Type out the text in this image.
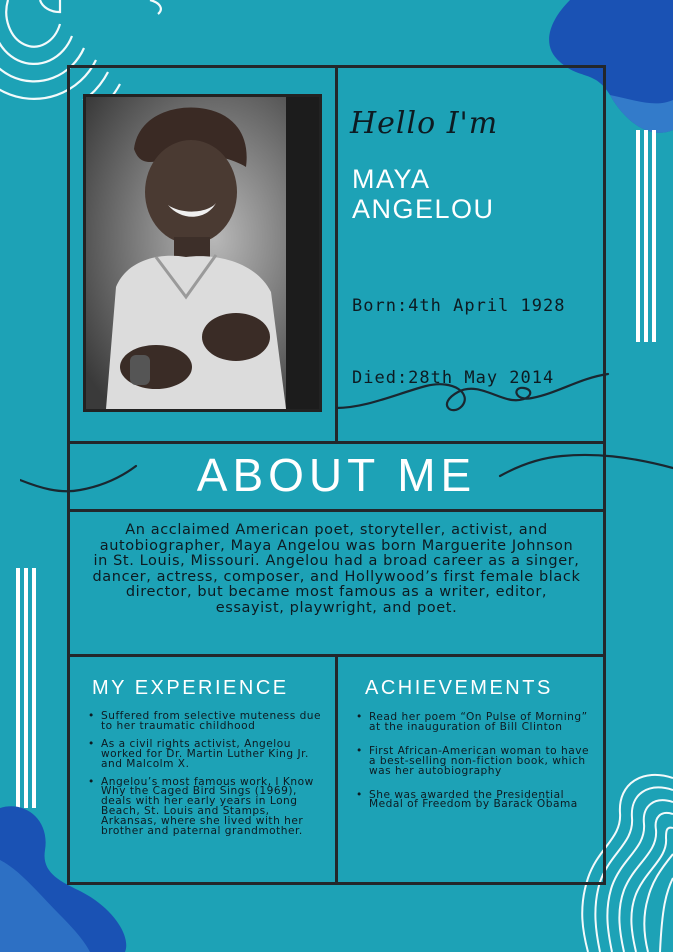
Hello I'm
MAYA
ANGELOU

Born:4th April 1928

Died:28th May 2014

ABOUT ME
An acclaimed American poet, storyteller, activist, and autobiographer, Maya Angelou was born Marguerite Johnson in St. Louis, Missouri. Angelou had a broad career as a singer, dancer, actress, composer, and Hollywood’s first female black director, but became most famous as a writer, editor, essayist, playwright, and poet.
MY EXPERIENCE
• Suffered from selective muteness due to her traumatic childhood
• As a civil rights activist, Angelou worked for Dr. Martin Luther King Jr. and Malcolm X.
• Angelou’s most famous work, I Know Why the Caged Bird Sings (1969), deals with her early years in Long Beach, St. Louis and Stamps, Arkansas, where she lived with her brother and paternal grandmother.
ACHIEVEMENTS
• Read her poem “On Pulse of Morning” at the inauguration of Bill Clinton
• First African-American woman to have a best-selling non-fiction book, which was her autobiography
• She was awarded the Presidential Medal of Freedom by Barack Obama
